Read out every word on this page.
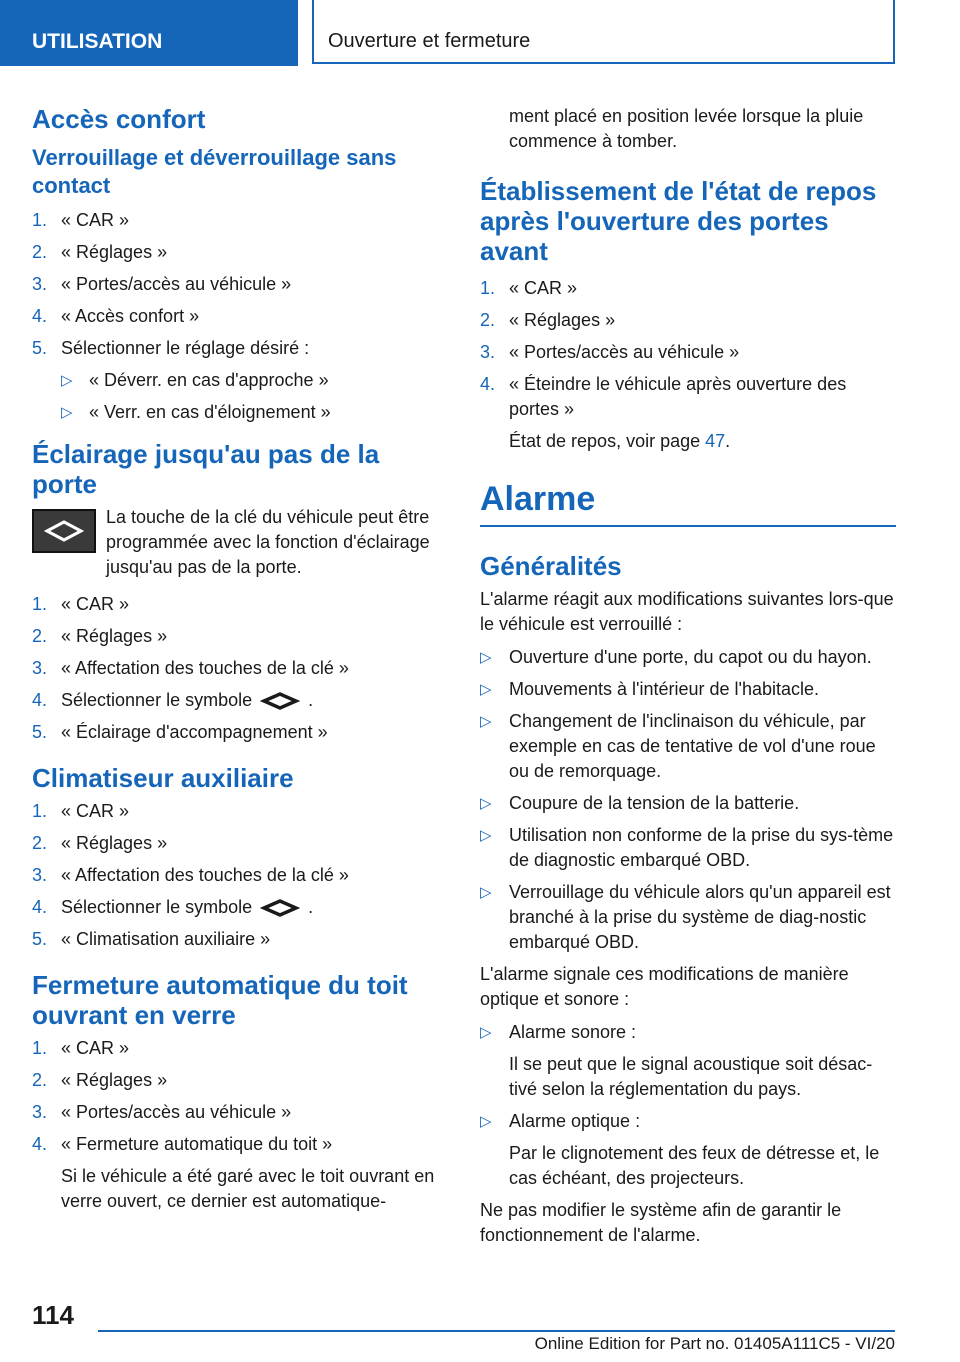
UTILISATION	Ouverture et fermeture
Accès confort
Verrouillage et déverrouillage sans contact
1. « CAR »
2. « Réglages »
3. « Portes/accès au véhicule »
4. « Accès confort »
5. Sélectionner le réglage désiré :
▷ « Déverr. en cas d'approche »
▷ « Verr. en cas d'éloignement »
Éclairage jusqu'au pas de la porte

La touche de la clé du véhicule peut être programmée avec la fonction d'éclairage jusqu'au pas de la porte.

1. « CAR »
2. « Réglages »
3. « Affectation des touches de la clé »
4. Sélectionner le symbole	.
5. « Éclairage d'accompagnement »
Climatiseur auxiliaire
1. « CAR »
2. « Réglages »
3. « Affectation des touches de la clé »
4. Sélectionner le symbole	.
5. « Climatisation auxiliaire »
Fermeture automatique du toit ouvrant en verre
1. « CAR »
2. « Réglages »
3. « Portes/accès au véhicule »
4. « Fermeture automatique du toit »

Si le véhicule a été garé avec le toit ouvrant en verre ouvert, ce dernier est automatique-

ment placé en position levée lorsque la pluie commence à tomber.

Établissement de l'état de repos après l'ouverture des portes avant
1. « CAR »
2. « Réglages »
3. « Portes/accès au véhicule »
4. « Éteindre le véhicule après ouverture des portes »

État de repos, voir page 47.

Alarme
Généralités

L'alarme réagit aux modifications suivantes lors-que le véhicule est verrouillé :

▷ Ouverture d'une porte, du capot ou du hayon.
▷ Mouvements à l'intérieur de l'habitacle.
▷ Changement de l'inclinaison du véhicule, par exemple en cas de tentative de vol d'une roue ou de remorquage.
▷ Coupure de la tension de la batterie.
▷ Utilisation non conforme de la prise du sys-tème de diagnostic embarqué OBD.
▷ Verrouillage du véhicule alors qu'un appareil est branché à la prise du système de diag-nostic embarqué OBD.

L'alarme signale ces modifications de manière optique et sonore :

▷ Alarme sonore :

Il se peut que le signal acoustique soit désac-tivé selon la réglementation du pays.

▷ Alarme optique :

Par le clignotement des feux de détresse et, le cas échéant, des projecteurs.

Ne pas modifier le système afin de garantir le fonctionnement de l'alarme.

114
Online Edition for Part no. 01405A111C5 - VI/20
